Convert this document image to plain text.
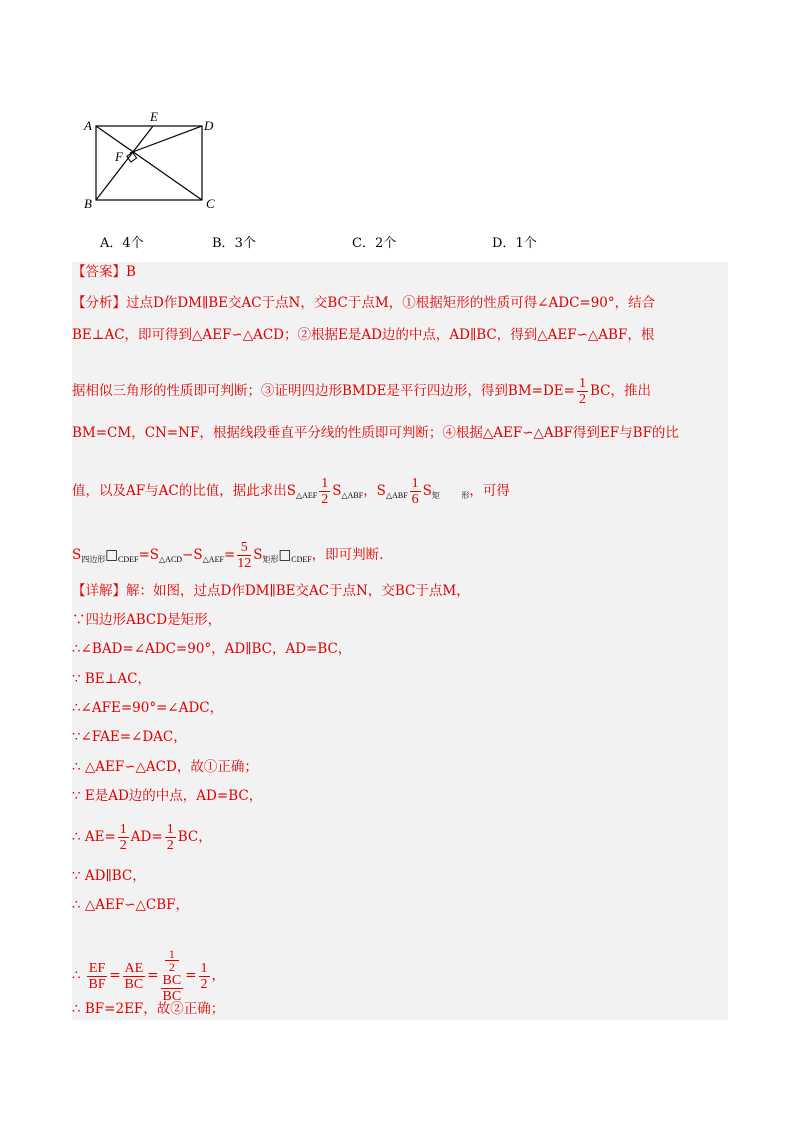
A
E
D
F
B	C
A．4个	B．3个	C．2个	D．1个
【答案】B
【分析】过点D作DM∥BE交AC于点N，交BC于点M，①根据矩形的性质可得∠ADC=90°，结合
BE⊥AC，即可得到△AEF∽△ACD；②根据E是AD边的中点，AD∥BC，得到△AEF∽△ABF，根
据相似三角形的性质即可判断；③证明四边形BMDE是平行四边形，得到$BM=DE= \frac{1}{2}$ BC，推出
BM=CM，CN=NF，根据线段垂直平分线的性质即可判断；④根据△AEF∽△ABF得到EF与BF的比
值，以及AF与AC的比值，据此求出$S_{\triangle AEF} \frac{1}{2} S_{\triangle ABF}$，$S_{\triangle ABF} \frac{1}{6} S_矩$	$_形$，可得
$S_{四边形}□_{CDEF}=S_{\triangle ACD}-S_{\triangle AEF}= \frac{5}{12}$ $S_{矩形}□_{CDEF}$，即可判断.
【详解】解：如图，过点D作DM∥BE交AC于点N，交BC于点M，
∵四边形ABCD是矩形，
∴∠BAD=∠ADC=90°，AD∥BC，AD=BC，
∵ BE⊥AC，
∴∠AFE=90°=∠ADC，
∵∠FAE=∠DAC，
∴ △AEF∽△ACD，故①正确；
∵ E是AD边的中点，AD=BC，
∴ $AE= \frac{1}{2} AD= \frac{1}{2}$ BC，
∵ AD∥BC，
∴ △AEF∽△CBF，
∴ $\frac{EF}{BF} = \frac{AE}{BC} = 1$
2
BC
BC = $\frac{1}{2}$ ，
∴ BF=2EF，故②正确；
